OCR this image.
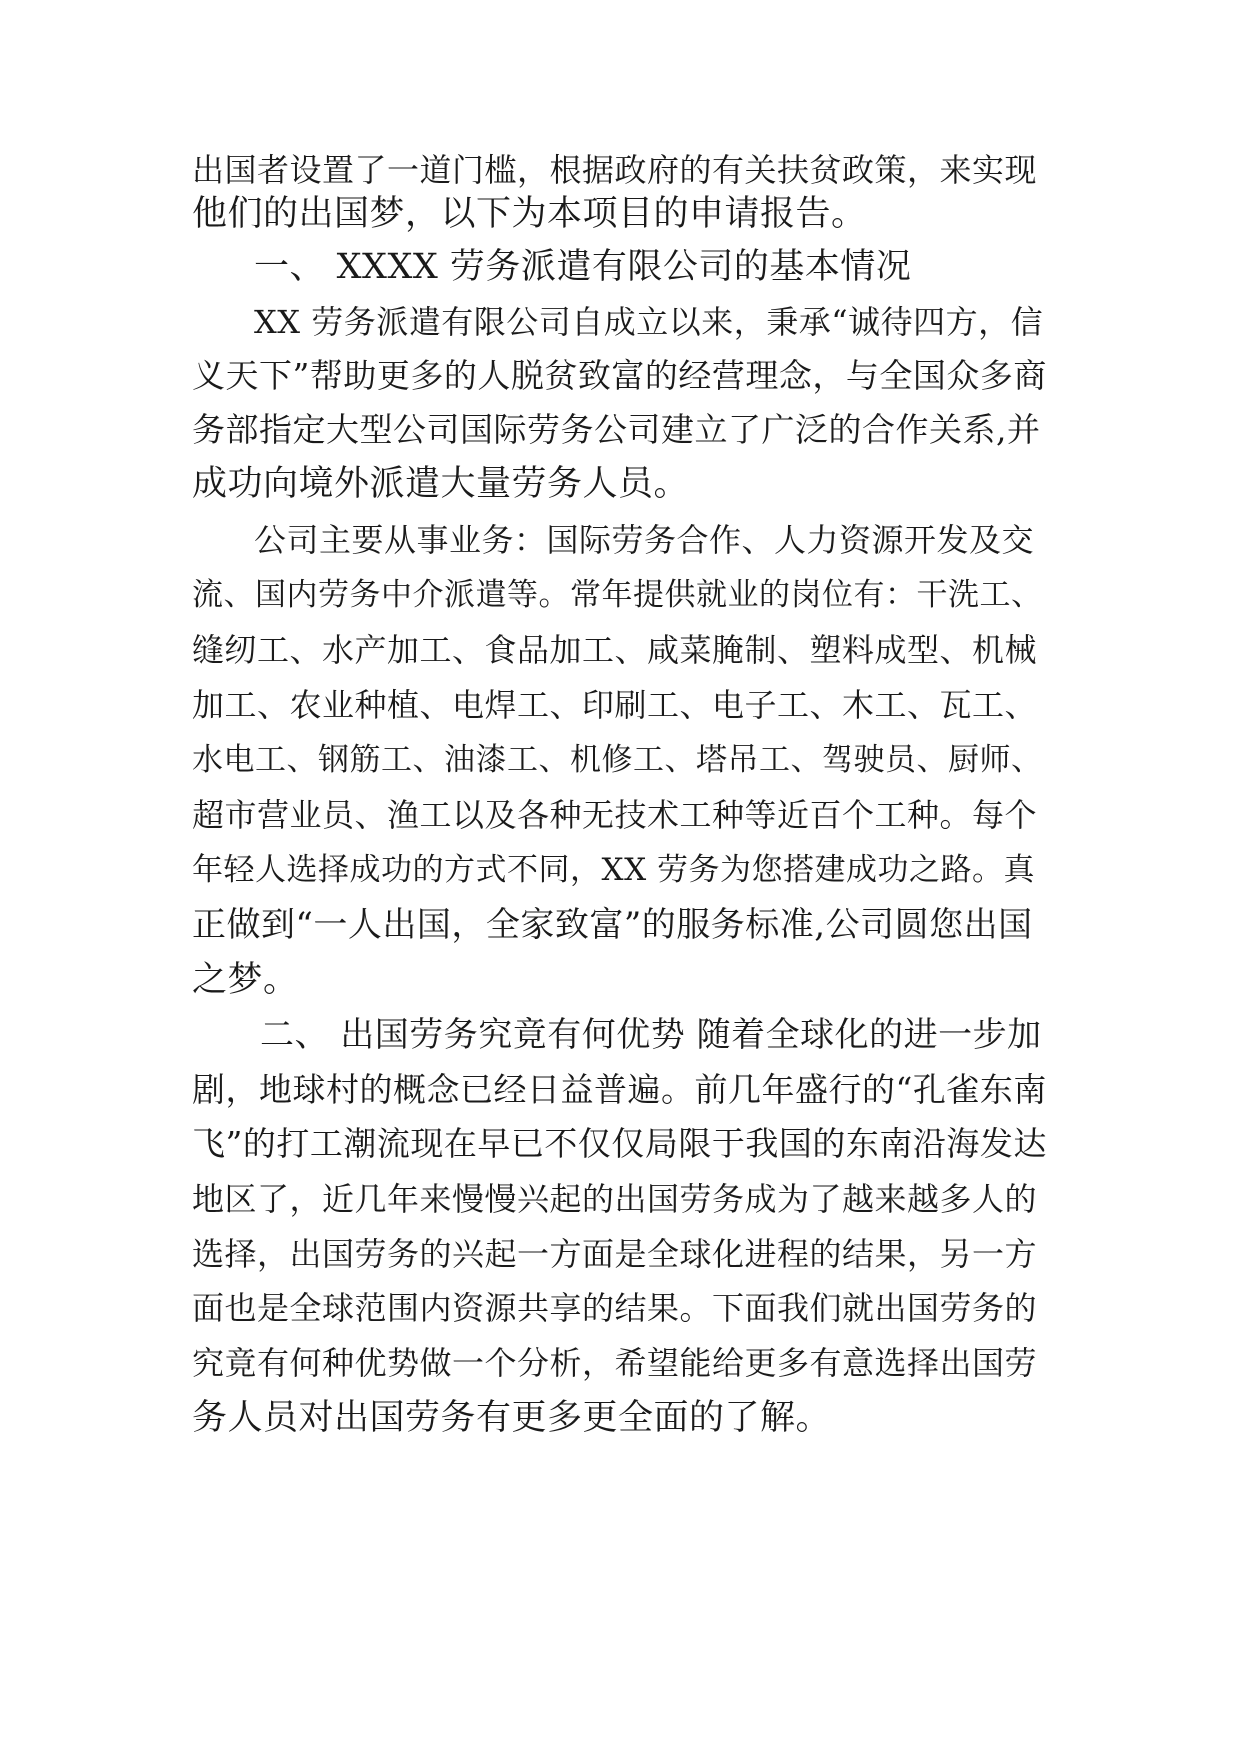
出国者设置了一道门槛，根据政府的有关扶贫政策，来实现
他们的出国梦，以下为本项目的申请报告。
一、 XXXX 劳务派遣有限公司的基本情况
XX 劳务派遣有限公司自成立以来，秉承“诚待四方，信
义天下”帮助更多的人脱贫致富的经营理念，与全国众多商
务部指定大型公司国际劳务公司建立了广泛的合作关系,并
成功向境外派遣大量劳务人员。
公司主要从事业务：国际劳务合作、人力资源开发及交
流、国内劳务中介派遣等。常年提供就业的岗位有：干洗工、
缝纫工、水产加工、食品加工、咸菜腌制、塑料成型、机械
加工、农业种植、电焊工、印刷工、电子工、木工、瓦工、
水电工、钢筋工、油漆工、机修工、塔吊工、驾驶员、厨师、
超市营业员、渔工以及各种无技术工种等近百个工种。每个
年轻人选择成功的方式不同，XX 劳务为您搭建成功之路。真
正做到“一人出国，全家致富”的服务标准,公司圆您出国
之梦。
二、 出国劳务究竟有何优势 随着全球化的进一步加
剧，地球村的概念已经日益普遍。前几年盛行的“孔雀东南
飞”的打工潮流现在早已不仅仅局限于我国的东南沿海发达
地区了，近几年来慢慢兴起的出国劳务成为了越来越多人的
选择，出国劳务的兴起一方面是全球化进程的结果，另一方
面也是全球范围内资源共享的结果。下面我们就出国劳务的
究竟有何种优势做一个分析，希望能给更多有意选择出国劳
务人员对出国劳务有更多更全面的了解。
